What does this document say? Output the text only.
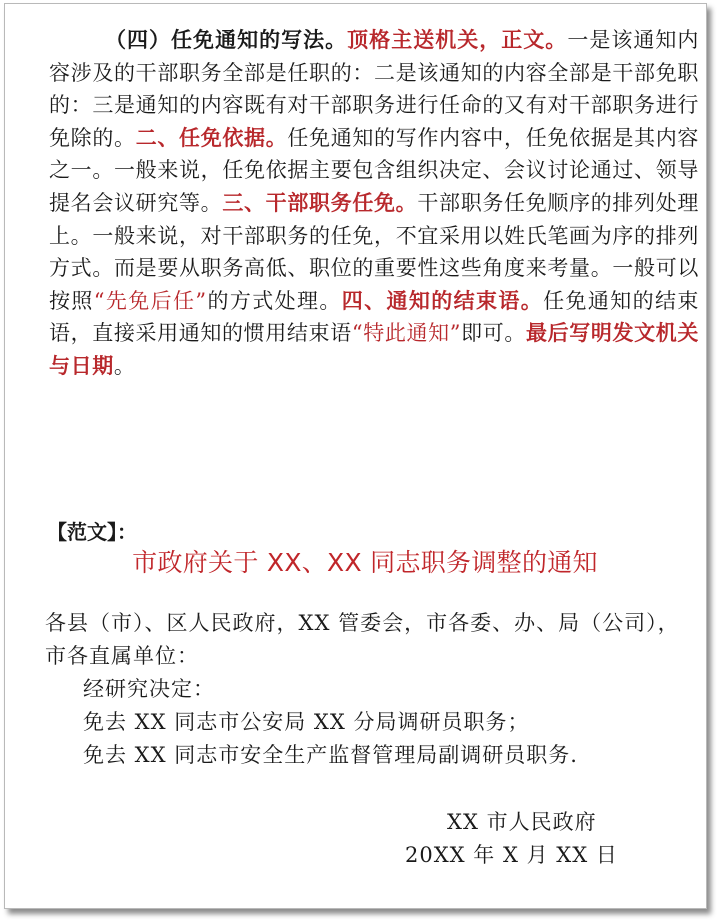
（四）任免通知的写法。顶格主送机关，正文。一是该通知内容涉及的干部职务全部是任职的：二是该通知的内容全部是干部免职的：三是通知的内容既有对干部职务进行任命的又有对干部职务进行免除的。二、任免依据。任免通知的写作内容中，任免依据是其内容之一。一般来说，任免依据主要包含组织决定、会议讨论通过、领导提名会议研究等。三、干部职务任免。干部职务任免顺序的排列处理上。一般来说，对干部职务的任免，不宜采用以姓氏笔画为序的排列方式。而是要从职务高低、职位的重要性这些角度来考量。一般可以按照“先免后任”的方式处理。四、通知的结束语。任免通知的结束语，直接采用通知的惯用结束语“特此通知”即可。最后写明发文机关与日期。

【范文】：

市政府关于 XX、XX 同志职务调整的通知

各县（市）、区人民政府，XX 管委会，市各委、办、局（公司），市各直属单位：

经研究决定：

免去 XX 同志市公安局 XX 分局调研员职务；

免去 XX 同志市安全生产监督管理局副调研员职务.

XX 市人民政府

20XX 年 X 月 XX 日
